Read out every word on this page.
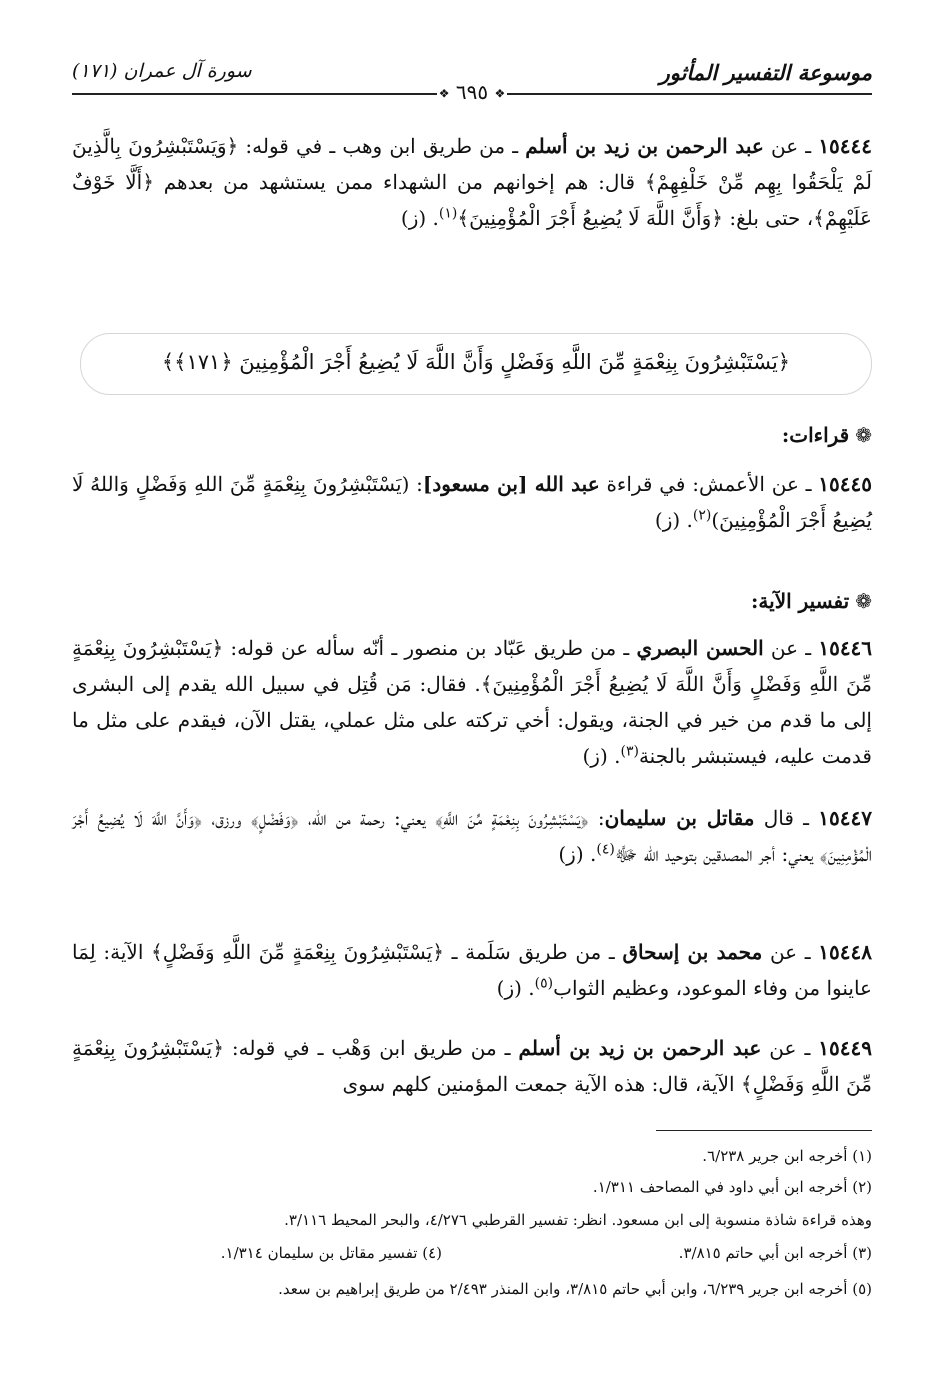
موسوعة التفسير المأثور
سورة آل عمران (١٧١)
❖ ٦٩٥ ❖

١٥٤٤٤ ـ عن عبد الرحمن بن زيد بن أسلم ـ من طريق ابن وهب ـ في قوله: ﴿وَيَسْتَبْشِرُونَ بِالَّذِينَ لَمْ يَلْحَقُوا بِهِم مِّنْ خَلْفِهِمْ﴾ قال: هم إخوانهم من الشهداء ممن يستشهد من بعدهم ﴿أَلَّا خَوْفٌ عَلَيْهِمْ﴾، حتى بلغ: ﴿وَأَنَّ اللَّهَ لَا يُضِيعُ أَجْرَ الْمُؤْمِنِينَ﴾$^{(١)}$. (ز)

﴿يَسْتَبْشِرُونَ بِنِعْمَةٍ مِّنَ اللَّهِ وَفَضْلٍ وَأَنَّ اللَّهَ لَا يُضِيعُ أَجْرَ الْمُؤْمِنِينَ ﴿١٧١﴾﴾
❁قراءات:

١٥٤٤٥ ـ عن الأعمش: في قراءة عبد الله [بن مسعود]: (يَسْتَبْشِرُونَ بِنِعْمَةٍ مِّنَ اللهِ وَفَضْلٍ وَاللهُ لَا يُضِيعُ أَجْرَ الْمُؤْمِنِينَ)$^{(٢)}$. (ز)

❁تفسير الآية:

١٥٤٤٦ ـ عن الحسن البصري ـ من طريق عَبّاد بن منصور ـ أنّه سأله عن قوله: ﴿يَسْتَبْشِرُونَ بِنِعْمَةٍ مِّنَ اللَّهِ وَفَضْلٍ وَأَنَّ اللَّهَ لَا يُضِيعُ أَجْرَ الْمُؤْمِنِينَ﴾. فقال: مَن قُتِل في سبيل الله يقدم إلى البشرى إلى ما قدم من خير في الجنة، ويقول: أخي تركته على مثل عملي، يقتل الآن، فيقدم على مثل ما قدمت عليه، فيستبشر بالجنة$^{(٣)}$. (ز)

١٥٤٤٧ ـ قال مقاتل بن سليمان: ﴿يَسْتَبْشِرُونَ بِنِعْمَةٍ مِّنَ اللَّهِ﴾ يعني: رحمة من الله، ﴿وَفَضْلٍ﴾ ورزق، ﴿وَأَنَّ اللَّهَ لَا يُضِيعُ أَجْرَ الْمُؤْمِنِينَ﴾ يعني: أجر المصدقين بتوحيد الله ﷻ$^{(٤)}$. (ز)

١٥٤٤٨ ـ عن محمد بن إسحاق ـ من طريق سَلَمة ـ ﴿يَسْتَبْشِرُونَ بِنِعْمَةٍ مِّنَ اللَّهِ وَفَضْلٍ﴾ الآية: لِمَا عاينوا من وفاء الموعود، وعظيم الثواب$^{(٥)}$. (ز)

١٥٤٤٩ ـ عن عبد الرحمن بن زيد بن أسلم ـ من طريق ابن وَهْب ـ في قوله: ﴿يَسْتَبْشِرُونَ بِنِعْمَةٍ مِّنَ اللَّهِ وَفَضْلٍ﴾ الآية، قال: هذه الآية جمعت المؤمنين كلهم سوى

(١) أخرجه ابن جرير ٦/٢٣٨.
(٢) أخرجه ابن أبي داود في المصاحف ١/٣١١.
وهذه قراءة شاذة منسوبة إلى ابن مسعود. انظر: تفسير القرطبي ٤/٢٧٦، والبحر المحيط ٣/١١٦.
(٣) أخرجه ابن أبي حاتم ٣/٨١٥.
(٤) تفسير مقاتل بن سليمان ١/٣١٤.
(٥) أخرجه ابن جرير ٦/٢٣٩، وابن أبي حاتم ٣/٨١٥، وابن المنذر ٢/٤٩٣ من طريق إبراهيم بن سعد.
